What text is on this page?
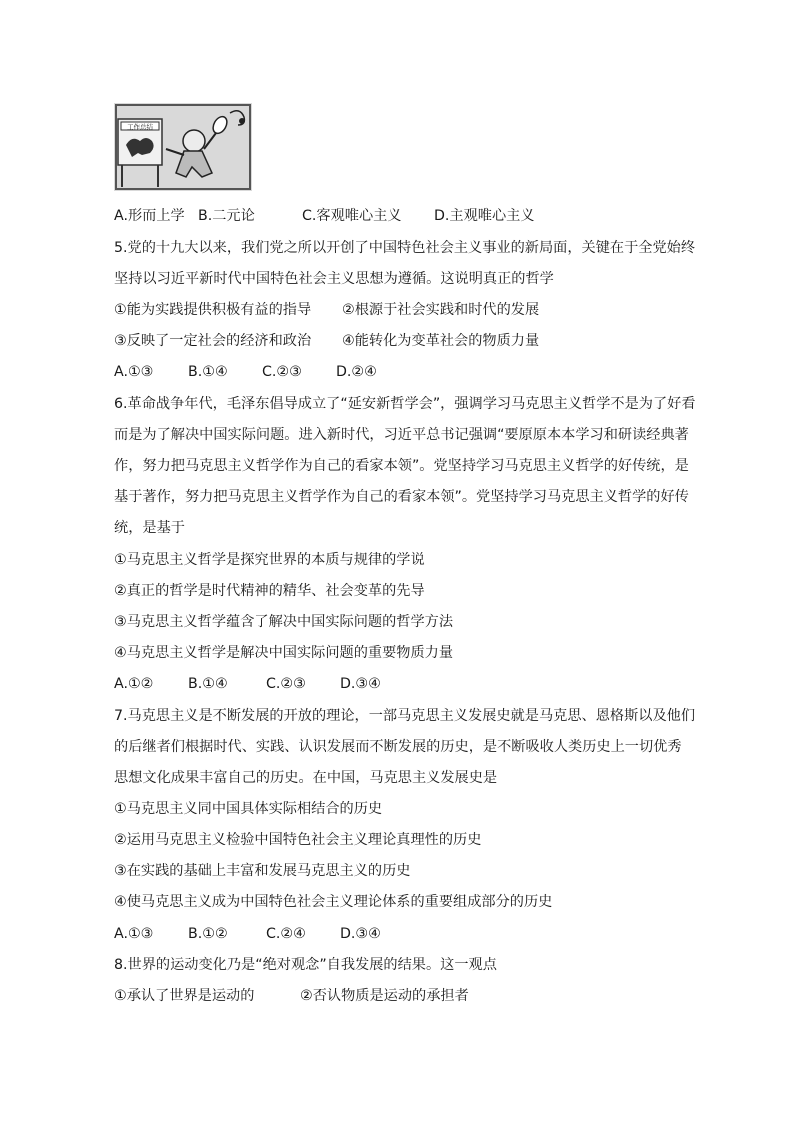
工作总结
A.形而上学 B.二元论	C.客观唯心主义 D.主观唯心主义
5.党的十九大以来，我们党之所以开创了中国特色社会主义事业的新局面，关键在于全党始终
坚持以习近平新时代中国特色社会主义思想为遵循。这说明真正的哲学
①能为实践提供积极有益的指导 ②根源于社会实践和时代的发展
③反映了一定社会的经济和政治 ④能转化为变革社会的物质力量
A.①③ B.①④ C.②③ D.②④
6.革命战争年代，毛泽东倡导成立了“延安新哲学会”，强调学习马克思主义哲学不是为了好看
而是为了解决中国实际问题。进入新时代，习近平总书记强调“要原原本本学习和研读经典著
作，努力把马克思主义哲学作为自己的看家本领”。党坚持学习马克思主义哲学的好传统，是
基于著作，努力把马克思主义哲学作为自己的看家本领”。党坚持学习马克思主义哲学的好传
统，是基于
①马克思主义哲学是探究世界的本质与规律的学说
②真正的哲学是时代精神的精华、社会变革的先导
③马克思主义哲学蕴含了解决中国实际问题的哲学方法
④马克思主义哲学是解决中国实际问题的重要物质力量
A.①② B.①④	C.②③ D.③④
7.马克思主义是不断发展的开放的理论，一部马克思主义发展史就是马克思、恩格斯以及他们
的后继者们根据时代、实践、认识发展而不断发展的历史，是不断吸收人类历史上一切优秀
思想文化成果丰富自己的历史。在中国，马克思主义发展史是
①马克思主义同中国具体实际相结合的历史
②运用马克思主义检验中国特色社会主义理论真理性的历史
③在实践的基础上丰富和发展马克思主义的历史
④使马克思主义成为中国特色社会主义理论体系的重要组成部分的历史
A.①③ B.①②	C.②④ D.③④
8.世界的运动变化乃是“绝对观念”自我发展的结果。这一观点
①承认了世界是运动的	②否认物质是运动的承担者
